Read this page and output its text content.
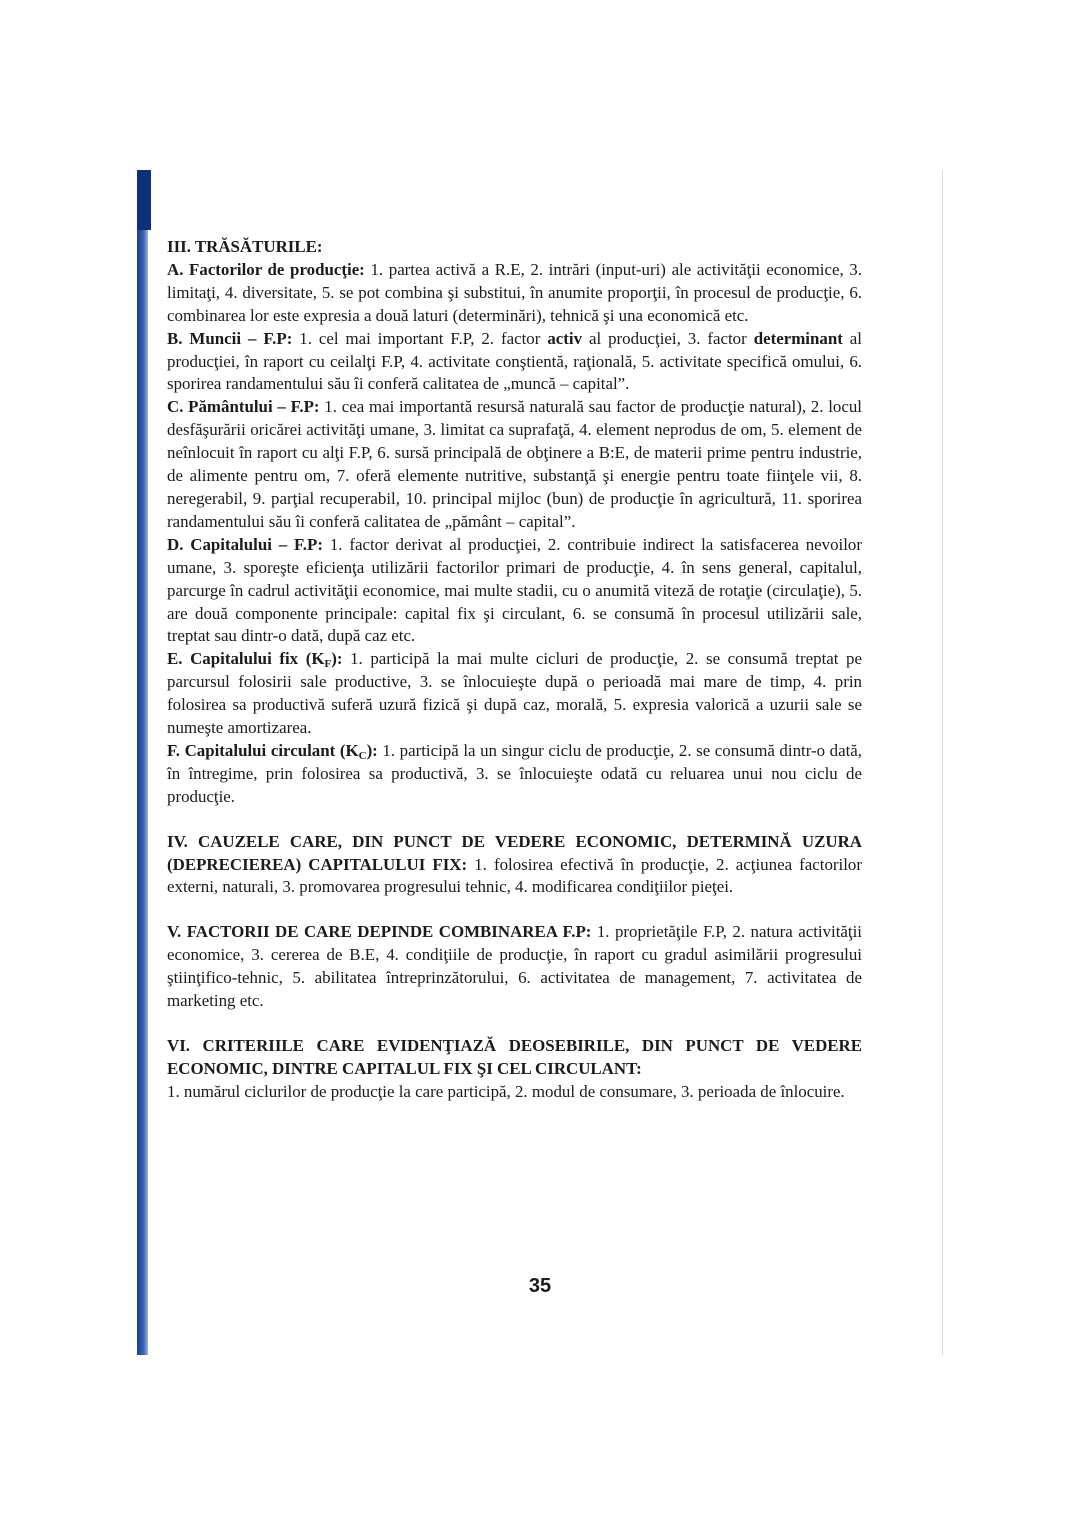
III. TRĂSĂTURILE:

A. Factorilor de producţie: 1. partea activă a R.E, 2. intrări (input-uri) ale activităţii economice, 3. limitaţi, 4. diversitate, 5. se pot combina şi substitui, în anumite proporţii, în procesul de producţie, 6. combinarea lor este expresia a două laturi (determinări), tehnică şi una economică etc.

B. Muncii – F.P: 1. cel mai important F.P, 2. factor activ al producţiei, 3. factor determinant al producţiei, în raport cu ceilalţi F.P, 4. activitate conştientă, raţională, 5. activitate specifică omului, 6. sporirea randamentului său îi conferă calitatea de „muncă – capital”.

C. Pământului – F.P: 1. cea mai importantă resursă naturală sau factor de producţie natural), 2. locul desfăşurării oricărei activităţi umane, 3. limitat ca suprafaţă, 4. element neprodus de om, 5. element de neînlocuit în raport cu alţi F.P, 6. sursă principală de obţinere a B:E, de materii prime pentru industrie, de alimente pentru om, 7. oferă elemente nutritive, substanţă şi energie pentru toate fiinţele vii, 8. neregerabil, 9. parţial recuperabil, 10. principal mijloc (bun) de producţie în agricultură, 11. sporirea randamentului său îi conferă calitatea de „pământ – capital”.

D. Capitalului – F.P: 1. factor derivat al producţiei, 2. contribuie indirect la satisfacerea nevoilor umane, 3. sporeşte eficienţa utilizării factorilor primari de producţie, 4. în sens general, capitalul, parcurge în cadrul activităţii economice, mai multe stadii, cu o anumită viteză de rotaţie (circulaţie), 5. are două componente principale: capital fix şi circulant, 6. se consumă în procesul utilizării sale, treptat sau dintr-o dată, după caz etc.

E. Capitalului fix $(K_F)$: 1. participă la mai multe cicluri de producţie, 2. se consumă treptat pe parcursul folosirii sale productive, 3. se înlocuieşte după o perioadă mai mare de timp, 4. prin folosirea sa productivă suferă uzură fizică şi după caz, morală, 5. expresia valorică a uzurii sale se numeşte amortizarea.

F. Capitalului circulant $(K_C)$: 1. participă la un singur ciclu de producţie, 2. se consumă dintr-o dată, în întregime, prin folosirea sa productivă, 3. se înlocuieşte odată cu reluarea unui nou ciclu de producţie.

IV. CAUZELE CARE, DIN PUNCT DE VEDERE ECONOMIC, DETERMINĂ UZURA (DEPRECIEREA) CAPITALULUI FIX: 1. folosirea efectivă în producţie, 2. acţiunea factorilor externi, naturali, 3. promovarea progresului tehnic, 4. modificarea condiţiilor pieţei.

V. FACTORII DE CARE DEPINDE COMBINAREA F.P: 1. proprietăţile F.P, 2. natura activităţii economice, 3. cererea de B.E, 4. condiţiile de producţie, în raport cu gradul asimilării progresului ştiinţifico-tehnic, 5. abilitatea întreprinzătorului, 6. activitatea de management, 7. activitatea de marketing etc.

VI. CRITERIILE CARE EVIDENŢIAZĂ DEOSEBIRILE, DIN PUNCT DE VEDERE ECONOMIC, DINTRE CAPITALUL FIX ŞI CEL CIRCULANT:

1. numărul ciclurilor de producţie la care participă, 2. modul de consumare, 3. perioada de înlocuire.

35
